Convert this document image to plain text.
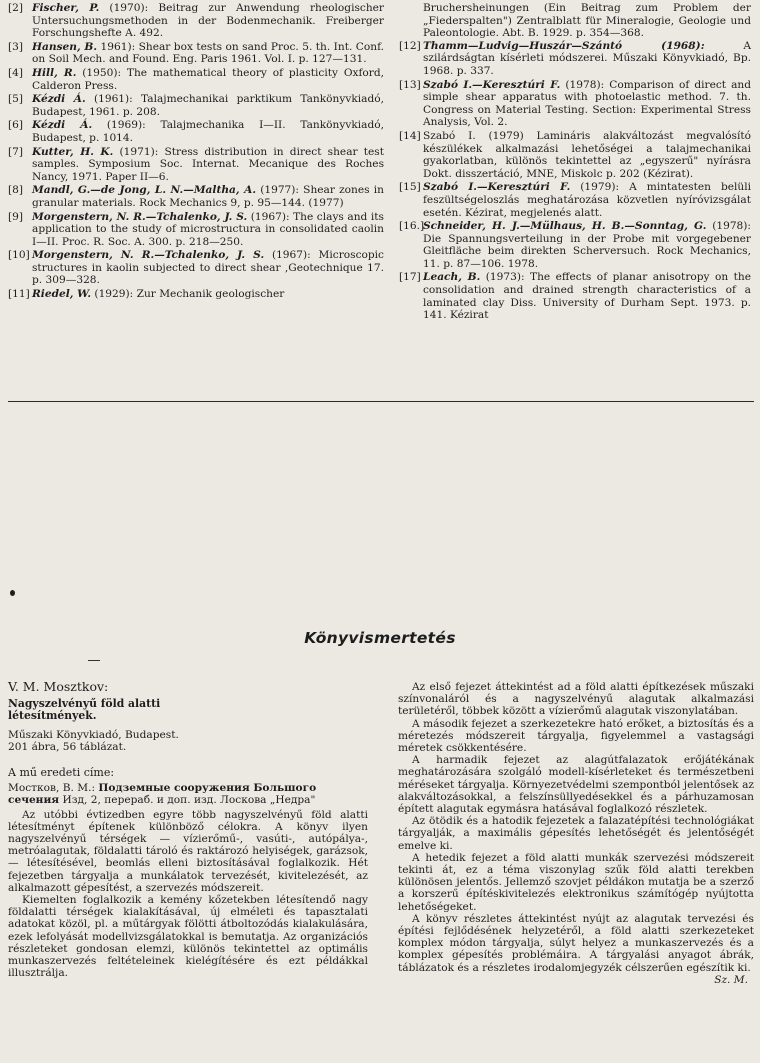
[2] Fischer, P. (1970): Beitrag zur Anwendung rheologischer Untersuchungsmethoden in der Bodenmechanik. Freiberger Forschungshefte A. 492.
[3] Hansen, B. 1961): Shear box tests on sand Proc. 5. th. Int. Conf. on Soil Mech. and Found. Eng. Paris 1961. Vol. I. p. 127—131.
[4] Hill, R. (1950): The mathematical theory of plasticity Oxford, Calderon Press.
[5] Kézdi Á. (1961): Talajmechanikai parktikum Tankönyvkiadó, Budapest, 1961. p. 208.
[6] Kézdi Á. (1969): Talajmechanika I—II. Tankönyvkiadó, Budapest, p. 1014.
[7] Kutter, H. K. (1971): Stress distribution in direct shear test samples. Symposium Soc. Internat. Mecanique des Roches Nancy, 1971. Paper II—6.
[8] Mandl, G.—de Jong, L. N.—Maltha, A. (1977): Shear zones in granular materials. Rock Mechanics 9, p. 95—144. (1977)
[9] Morgenstern, N. R.—Tchalenko, J. S. (1967): The clays and its application to the study of microstructura in consolidated caolin I—II. Proc. R. Soc. A. 300. p. 218—250.
[10] Morgenstern, N. R.—Tchalenko, J. S. (1967): Microscopic structures in kaolin subjected to direct shear ,Geotechnique 17. p. 309—328.
[11] Riedel, W. (1929): Zur Mechanik geologischer
Bruchersheinungen (Ein Beitrag zum Problem der „Fiederspalten") Zentralblatt für Mineralogie, Geologie und Paleontologie. Abt. B. 1929. p. 354—368.
[12] Thamm—Ludvig—Huszár—Szántó (1968): A szilárdságtan kísérleti módszerei. Műszaki Könyvkiadó, Bp. 1968. p. 337.
[13] Szabó I.—Keresztúri F. (1978): Comparison of direct and simple shear apparatus with photoelastic method. 7. th. Congress on Material Testing. Section: Experimental Stress Analysis, Vol. 2.
[14] Szabó I. (1979) Lamináris alakváltozást megvalósító készülékek alkalmazási lehetőségei a talajmechanikai gyakorlatban, különös tekintettel az „egyszerű" nyírásra Dokt. disszertáció, MNE, Miskolc p. 202 (Kézirat).
[15] Szabó I.—Keresztúri F. (1979): A mintatesten belüli feszültségeloszlás meghatározása közvetlen nyíróvizsgálat esetén. Kézirat, megjelenés alatt.
[16.]
Schneider, H. J.—Mülhaus, H. B.—Sonntag, G. (1978): Die Spannungsverteilung in der Probe mit vorgegebener Gleitfläche beim direkten Scherversuch. Rock Mechanics, 11. p. 87—106. 1978.
[17] Leach, B. (1973): The effects of planar anisotropy on the consolidation and drained strength characteristics of a laminated clay Diss. University of Durham Sept. 1973. p. 141. Kézirat
Könyvismertetés
V. M. Mosztkov:
Nagyszelvényű föld alatti létesítmények.
Műszaki Könyvkiadó, Budapest.
201 ábra, 56 táblázat.
A mű eredeti címe:
Мостков, В. М.: Подземные сооружения Большого сечения Изд, 2, перераб. и доп. изд. Лоскова „Недра"

Az utóbbi évtizedben egyre több nagyszelvényű föld alatti létesítményt építenek különböző célokra. A könyv ilyen nagyszelvényű térségek — vízierőmű-, vasúti-, autópálya-, metróalagutak, földalatti tároló és raktározó helyiségek, garázsok, — létesítésével, beomlás elleni biztosításával foglalkozik. Hét fejezetben tárgyalja a munkálatok tervezését, kivitelezését, az alkalmazott gépesítést, a szervezés módszereit.

Kiemelten foglalkozik a kemény kőzetekben létesítendő nagy földalatti térségek kialakításával, új elméleti és tapasztalati adatokat közöl, pl. a műtárgyak fölötti átboltozódás kialakulására, ezek lefolyását modellvizsgálatokkal is bemutatja. Az organizációs részleteket gondosan elemzi, különös tekintettel az optimális munkaszervezés feltételeinek kielégítésére és ezt példákkal illusztrálja.

Az első fejezet áttekintést ad a föld alatti építkezések műszaki színvonaláról és a nagyszelvényű alagutak alkalmazási területéről, többek között a vízierőmű alagutak viszonylatában.

A második fejezet a szerkezetekre ható erőket, a biztosítás és a méretezés módszereit tárgyalja, figyelemmel a vastagsági méretek csökkentésére.

A harmadik fejezet az alagútfalazatok erőjátékának meghatározására szolgáló modell-kísérleteket és természetbeni méréseket tárgyalja. Környezetvédelmi szempontból jelentősek az alakváltozásokkal, a felszínsüllyedésekkel és a párhuzamosan épített alagutak egymásra hatásával foglalkozó részletek.

Az ötödik és a hatodik fejezetek a falazatépítési technológiákat tárgyalják, a maximális gépesítés lehetőségét és jelentőségét emelve ki.

A hetedik fejezet a föld alatti munkák szervezési módszereit tekinti át, ez a téma viszonylag szűk föld alatti terekben különösen jelentős. Jellemző szovjet példákon mutatja be a szerző a korszerű építéskivitelezés elektronikus számítógép nyújtotta lehetőségeket.

A könyv részletes áttekintést nyújt az alagutak tervezési és építési fejlődésének helyzetéről, a föld alatti szerkezeteket komplex módon tárgyalja, súlyt helyez a munkaszervezés és a komplex gépesítés problémáira. A tárgyalási anyagot ábrák, táblázatok és a részletes irodalomjegyzék célszerűen egészítik ki.

Sz. M.
